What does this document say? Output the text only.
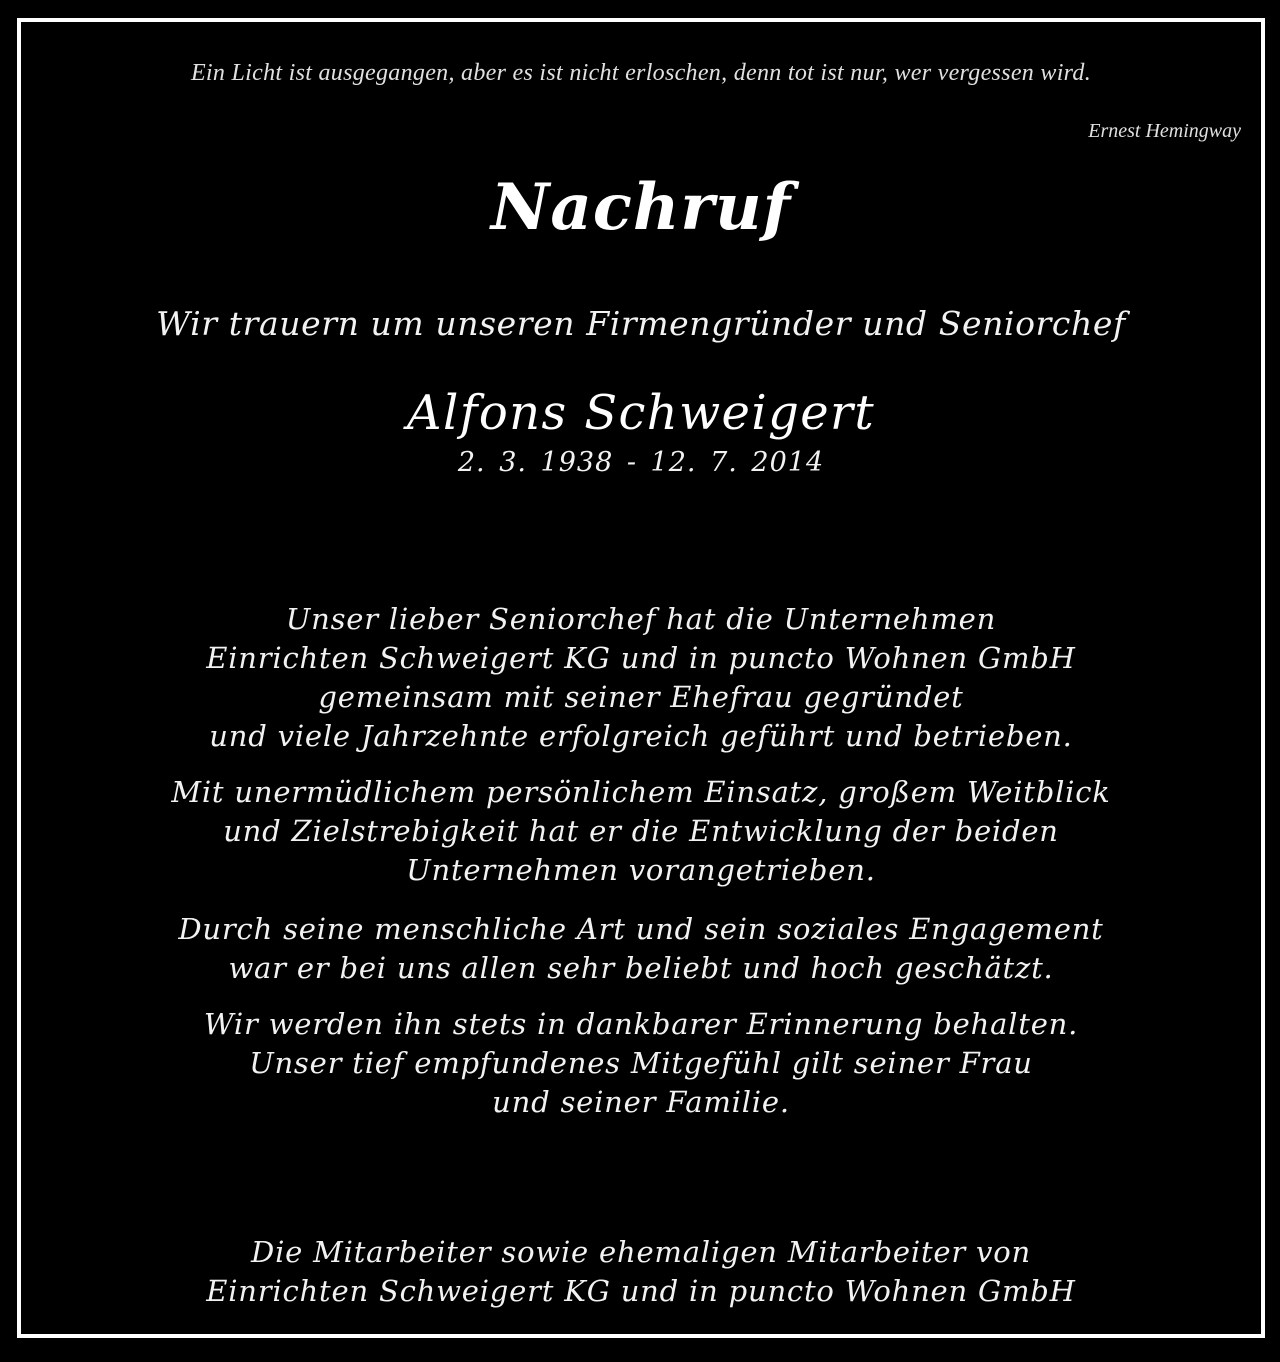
Ein Licht ist ausgegangen, aber es ist nicht erloschen, denn tot ist nur, wer vergessen wird.

Ernest Hemingway

Nachruf

Wir trauern um unseren Firmengründer und Seniorchef

Alfons Schweigert

2. 3. 1938 - 12. 7. 2014

Unser lieber Seniorchef hat die Unternehmen

Einrichten Schweigert KG und in puncto Wohnen GmbH

gemeinsam mit seiner Ehefrau gegründet

und viele Jahrzehnte erfolgreich geführt und betrieben.

Mit unermüdlichem persönlichem Einsatz, großem Weitblick

und Zielstrebigkeit hat er die Entwicklung der beiden

Unternehmen vorangetrieben.

Durch seine menschliche Art und sein soziales Engagement

war er bei uns allen sehr beliebt und hoch geschätzt.

Wir werden ihn stets in dankbarer Erinnerung behalten.

Unser tief empfundenes Mitgefühl gilt seiner Frau

und seiner Familie.

Die Mitarbeiter sowie ehemaligen Mitarbeiter von

Einrichten Schweigert KG und in puncto Wohnen GmbH
